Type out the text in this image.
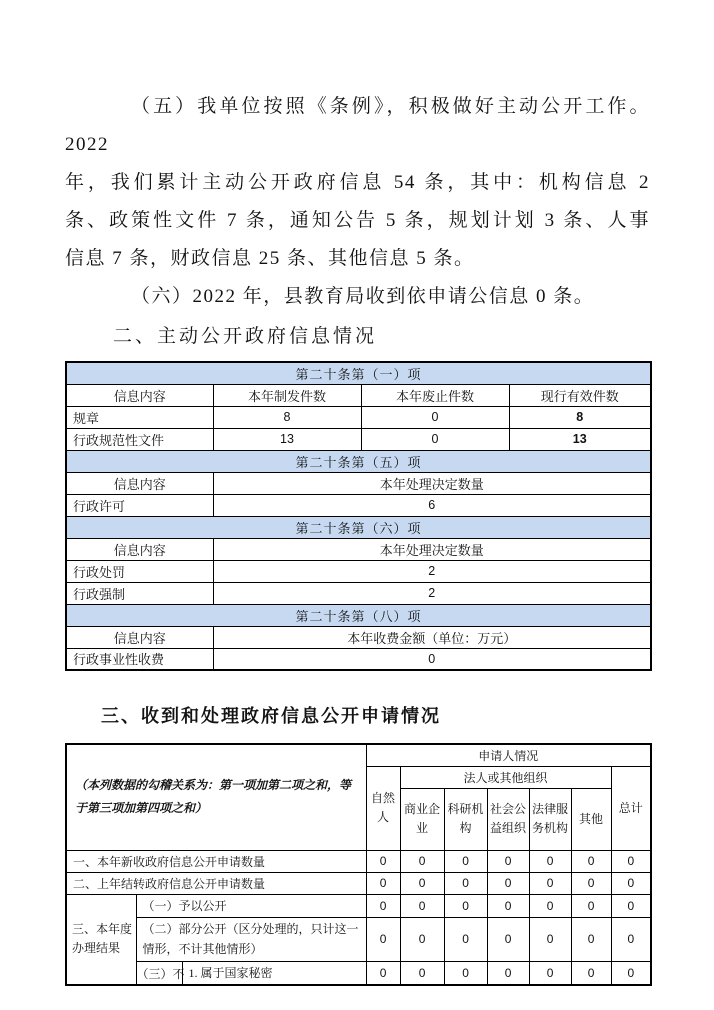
（五）我单位按照《条例》，积极做好主动公开工作。2022
年，我们累计主动公开政府信息 54 条，其中：机构信息 2
条、政策性文件 7 条，通知公告 5 条，规划计划 3 条、人事
信息 7 条，财政信息 25 条、其他信息 5 条。
（六）2022 年，县教育局收到依申请公信息 0 条。
二、主动公开政府信息情况
第二十条第（一）项			
信息内容	本年制发件数	本年废止件数	现行有效件数
规章	8	0	8
行政规范性文件	13	0	13
第二十条第（五）项			
信息内容	本年处理决定数量		
行政许可	6		
第二十条第（六）项			
信息内容	本年处理决定数量		
行政处罚	2		
行政强制	2		
第二十条第（八）项			
信息内容	本年收费金额（单位：万元）		
行政事业性收费	0		
三、收到和处理政府信息公开申请情况
（本列数据的勾稽关系为：第一项加第二项之和，等于第三项加第四项之和）			申请人情况						
			自然人	法人或其他组织					总计
				商业企业	科研机构	社会公益组织	法律服务机构	其他	
一、本年新收政府信息公开申请数量			0	0	0	0	0	0	0
二、上年结转政府信息公开申请数量			0	0	0	0	0	0	0
三、本年度办理结果	（一）予以公开		0	0	0	0	0	0	0
	（二）部分公开（区分处理的，只计这一情形，不计其他情形）		0	0	0	0	0	0	0
	（三）不	1. 属于国家秘密	0	0	0	0	0	0	0
